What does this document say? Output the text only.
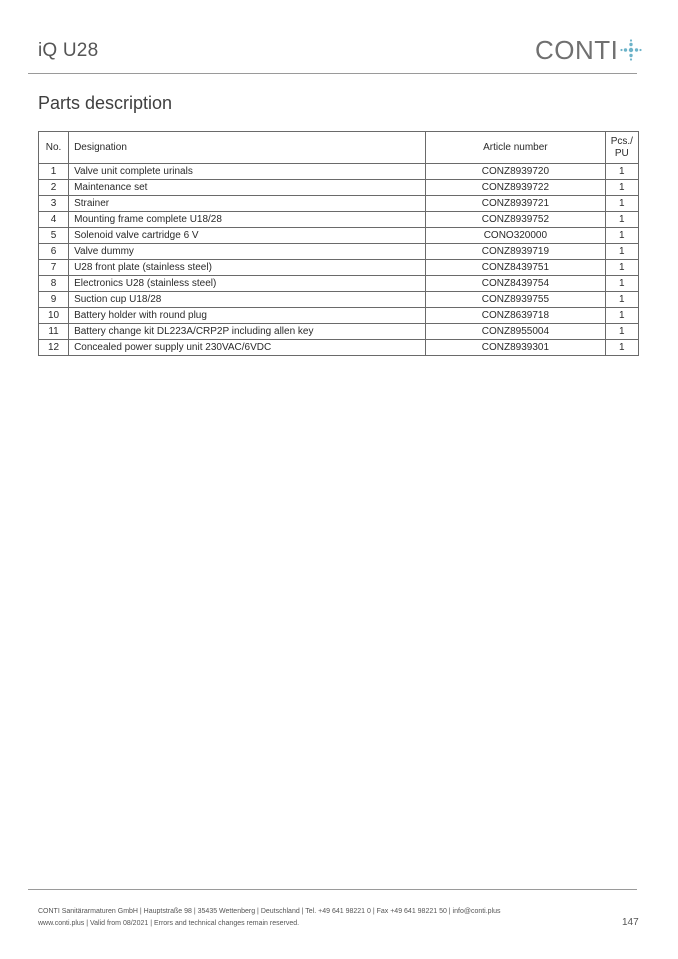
iQ U28	CONTI
Parts description
No.	Designation	Article number	Pcs./
PU
1	Valve unit complete urinals	CONZ8939720	1
2	Maintenance set	CONZ8939722	1
3	Strainer	CONZ8939721	1
4	Mounting frame complete U18/28	CONZ8939752	1
5	Solenoid valve cartridge 6 V	CONO320000	1
6	Valve dummy	CONZ8939719	1
7	U28 front plate (stainless steel)	CONZ8439751	1
8	Electronics U28 (stainless steel)	CONZ8439754	1
9	Suction cup U18/28	CONZ8939755	1
10	Battery holder with round plug	CONZ8639718	1
11	Battery change kit DL223A/CRP2P including allen key	CONZ8955004	1
12	Concealed power supply unit 230VAC/6VDC	CONZ8939301	1
CONTI Sanitärarmaturen GmbH | Hauptstraße 98 | 35435 Wettenberg | Deutschland | Tel. +49 641 98221 0 | Fax +49 641 98221 50 | info@conti.plus
www.conti.plus | Valid from 08/2021 | Errors and technical changes remain reserved.	147
